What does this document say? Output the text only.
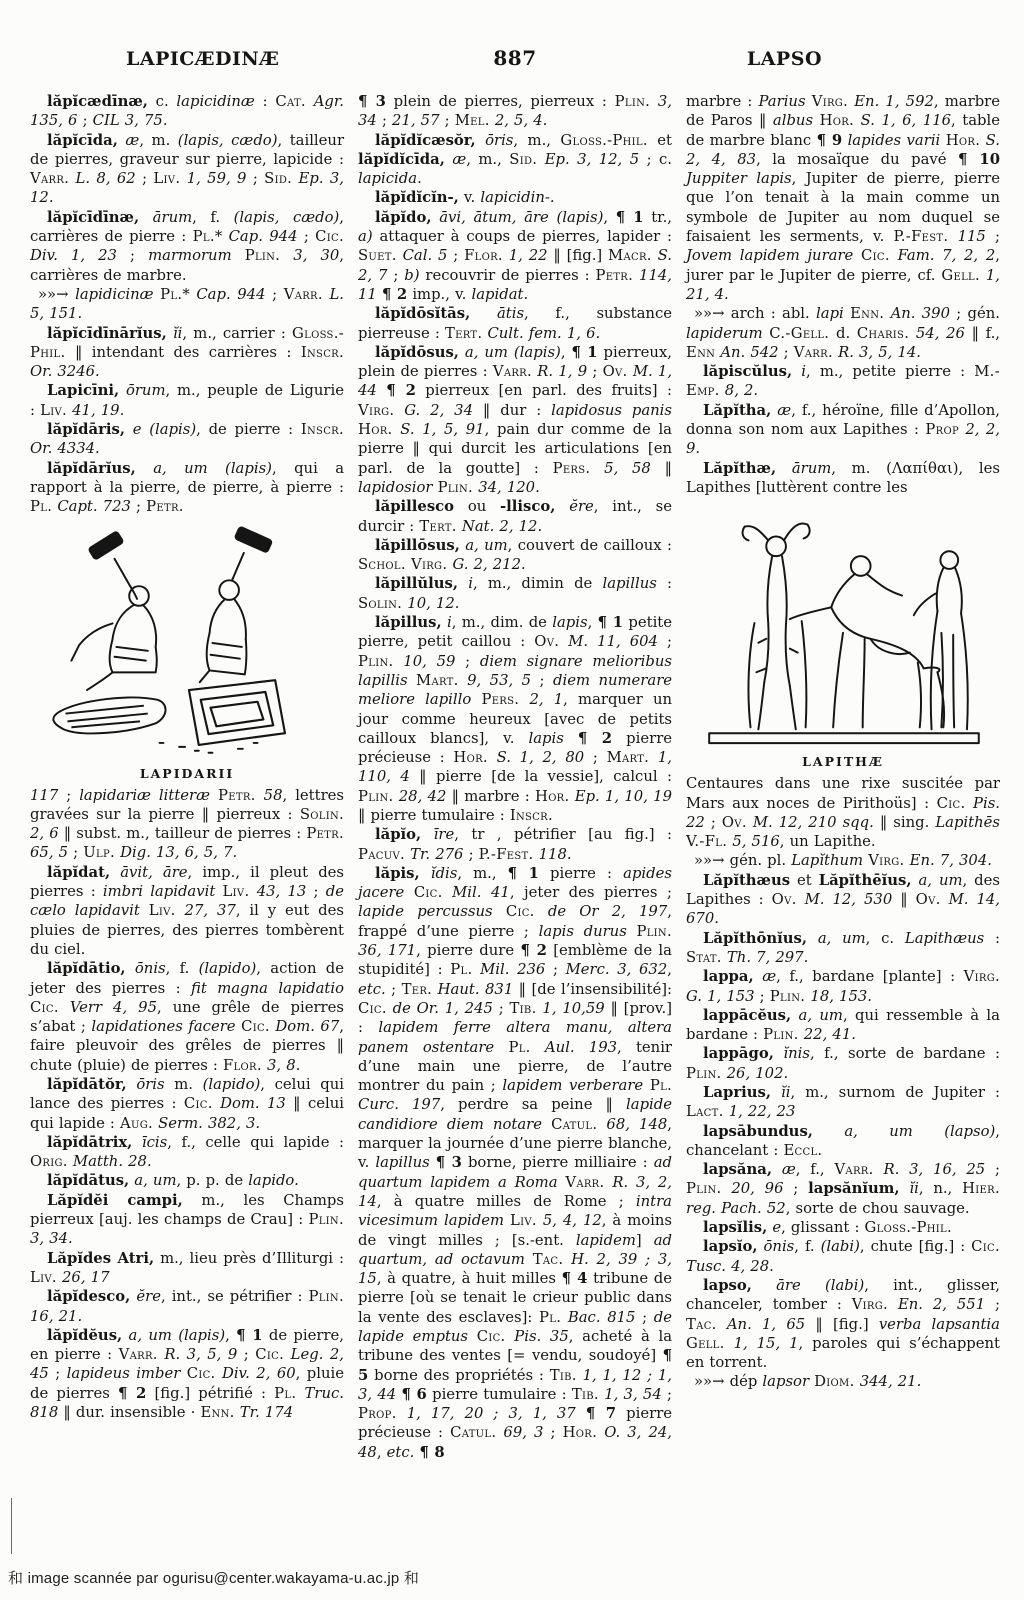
LAPICÆDINÆ	887	LAPSO

lăpĭcædīnæ, c. lapicidinæ : Cat. Agr. 135, 6 ; CIL 3, 75.

lăpĭcīda, æ, m. (lapis, cædo), tailleur de pierres, graveur sur pierre, lapicide : Varr. L. 8, 62 ; Liv. 1, 59, 9 ; Sid. Ep. 3, 12.

lăpĭcīdīnæ, ārum, f. (lapis, cædo), carrières de pierre : Pl.* Cap. 944 ; Cic. Div. 1, 23 ; marmorum Plin. 3, 30, carrières de marbre.

»»→ lapidicinæ Pl.* Cap. 944 ; Varr. L. 5, 151.

lăpĭcīdīnārĭus, ĭi, m., carrier : Gloss.-Phil. ‖ intendant des carrières : Inscr. Or. 3246.

Lapicīni, ōrum, m., peuple de Ligurie : Liv. 41, 19.

lăpĭdāris, e (lapis), de pierre : Inscr. Or. 4334.

lăpĭdārĭus, a, um (lapis), qui a rapport à la pierre, de pierre, à pierre : Pl. Capt. 723 ; Petr.

LAPIDARII

117 ; lapidariæ litteræ Petr. 58, lettres gravées sur la pierre ‖ pierreux : Solin. 2, 6 ‖ subst. m., tailleur de pierres : Petr. 65, 5 ; Ulp. Dig. 13, 6, 5, 7.

lăpĭdat, āvit, āre, imp., il pleut des pierres : imbri lapidavit Liv. 43, 13 ; de cælo lapidavit Liv. 27, 37, il y eut des pluies de pierres, des pierres tombèrent du ciel.

lăpĭdātio, ōnis, f. (lapido), action de jeter des pierres : fit magna lapidatio Cic. Verr 4, 95, une grêle de pierres s’abat ; lapidationes facere Cic. Dom. 67, faire pleuvoir des grêles de pierres ‖ chute (pluie) de pierres : Flor. 3, 8.

lăpĭdātŏr, ōris m. (lapido), celui qui lance des pierres : Cic. Dom. 13 ‖ celui qui lapide : Aug. Serm. 382, 3.

lăpĭdātrix, īcis, f., celle qui lapide : Orig. Matth. 28.

lăpĭdātus, a, um, p. p. de lapido.

Lăpĭdĕi campi, m., les Champs pierreux [auj. les champs de Crau] : Plin. 3, 34.

Lăpĭdes Atri, m., lieu près d’Illiturgi : Liv. 26, 17

lăpĭdesco, ĕre, int., se pétrifier : Plin. 16, 21.

lăpĭdĕus, a, um (lapis), ¶ 1 de pierre, en pierre : Varr. R. 3, 5, 9 ; Cic. Leg. 2, 45 ; lapideus imber Cic. Div. 2, 60, pluie de pierres ¶ 2 [fig.] pétrifié : Pl. Truc. 818 ‖ dur. insensible · Enn. Tr. 174

¶ 3 plein de pierres, pierreux : Plin. 3, 34 ; 21, 57 ; Mel. 2, 5, 4.

lăpĭdĭcæsŏr, ōris, m., Gloss.-Phil. et lăpĭdĭcīda, æ, m., Sid. Ep. 3, 12, 5 ; c. lapicida.

lăpĭdĭcĭn-, v. lapicidin-.

lăpĭdo, āvi, ātum, āre (lapis), ¶ 1 tr., a) attaquer à coups de pierres, lapider : Suet. Cal. 5 ; Flor. 1, 22 ‖ [fig.] Macr. S. 2, 7 ; b) recouvrir de pierres : Petr. 114, 11 ¶ 2 imp., v. lapidat.

lăpĭdōsĭtās, ātis, f., substance pierreuse : Tert. Cult. fem. 1, 6.

lăpĭdōsus, a, um (lapis), ¶ 1 pierreux, plein de pierres : Varr. R. 1, 9 ; Ov. M. 1, 44 ¶ 2 pierreux [en parl. des fruits] : Virg. G. 2, 34 ‖ dur : lapidosus panis Hor. S. 1, 5, 91, pain dur comme de la pierre ‖ qui durcit les articulations [en parl. de la goutte] : Pers. 5, 58 ‖ lapidosior Plin. 34, 120.

lăpillesco ou -llisco, ĕre, int., se durcir : Tert. Nat. 2, 12.

lăpillōsus, a, um, couvert de cailloux : Schol. Virg. G. 2, 212.

lăpillŭlus, i, m., dimin de lapillus : Solin. 10, 12.

lăpillus, i, m., dim. de lapis, ¶ 1 petite pierre, petit caillou : Ov. M. 11, 604 ; Plin. 10, 59 ; diem signare melioribus lapillis Mart. 9, 53, 5 ; diem numerare meliore lapillo Pers. 2, 1, marquer un jour comme heureux [avec de petits cailloux blancs], v. lapis ¶ 2 pierre précieuse : Hor. S. 1, 2, 80 ; Mart. 1, 110, 4 ‖ pierre [de la vessie], calcul : Plin. 28, 42 ‖ marbre : Hor. Ep. 1, 10, 19 ‖ pierre tumulaire : Inscr.

lăpĭo, īre, tr , pétrifier [au fig.] : Pacuv. Tr. 276 ; P.-Fest. 118.

lăpis, ĭdis, m., ¶ 1 pierre : apides jacere Cic. Mil. 41, jeter des pierres ; lapide percussus Cic. de Or 2, 197, frappé d’une pierre ; lapis durus Plin. 36, 171, pierre dure ¶ 2 [emblème de la stupidité] : Pl. Mil. 236 ; Merc. 3, 632, etc. ; Ter. Haut. 831 ‖ [de l’insensibilité]: Cic. de Or. 1, 245 ; Tib. 1, 10,59 ‖ [prov.] : lapidem ferre altera manu, altera panem ostentare Pl. Aul. 193, tenir d’une main une pierre, de l’autre montrer du pain ; lapidem verberare Pl. Curc. 197, perdre sa peine ‖ lapide candidiore diem notare Catul. 68, 148, marquer la journée d’une pierre blanche, v. lapillus ¶ 3 borne, pierre milliaire : ad quartum lapidem a Roma Varr. R. 3, 2, 14, à quatre milles de Rome ; intra vicesimum lapidem Liv. 5, 4, 12, à moins de vingt milles ; [s.-ent. lapidem] ad quartum, ad octavum Tac. H. 2, 39 ; 3, 15, à quatre, à huit milles ¶ 4 tribune de pierre [où se tenait le crieur public dans la vente des esclaves]: Pl. Bac. 815 ; de lapide emptus Cic. Pis. 35, acheté à la tribune des ventes [= vendu, soudoyé] ¶ 5 borne des propriétés : Tib. 1, 1, 12 ; 1, 3, 44 ¶ 6 pierre tumulaire : Tib. 1, 3, 54 ; Prop. 1, 17, 20 ; 3, 1, 37 ¶ 7 pierre précieuse : Catul. 69, 3 ; Hor. O. 3, 24, 48, etc. ¶ 8

marbre : Parius Virg. En. 1, 592, marbre de Paros ‖ albus Hor. S. 1, 6, 116, table de marbre blanc ¶ 9 lapides varii Hor. S. 2, 4, 83, la mosaïque du pavé ¶ 10 Juppiter lapis, Jupiter de pierre, pierre que l’on tenait à la main comme un symbole de Jupiter au nom duquel se faisaient les serments, v. P.-Fest. 115 ; Jovem lapidem jurare Cic. Fam. 7, 2, 2, jurer par le Jupiter de pierre, cf. Gell. 1, 21, 4.

»»→ arch : abl. lapi Enn. An. 390 ; gén. lapiderum C.-Gell. d. Charis. 54, 26 ‖ f., Enn An. 542 ; Varr. R. 3, 5, 14.

lăpiscŭlus, i, m., petite pierre : M.-Emp. 8, 2.

Lăpĭtha, æ, f., héroïne, fille d’Apollon, donna son nom aux Lapithes : Prop 2, 2, 9.

Lăpĭthæ, ārum, m. (Λαπίθαι), les Lapithes [luttèrent contre les

LAPITHÆ

Centaures dans une rixe suscitée par Mars aux noces de Pirithoüs] : Cic. Pis. 22 ; Ov. M. 12, 210 sqq. ‖ sing. Lapithēs V.-Fl. 5, 516, un Lapithe.

»»→ gén. pl. Lapĭthum Virg. En. 7, 304.

Lăpĭthæus et Lăpĭthēĭus, a, um, des Lapithes : Ov. M. 12, 530 ‖ Ov. M. 14, 670.

Lăpĭthōnĭus, a, um, c. Lapithæus : Stat. Th. 7, 297.

lappa, æ, f., bardane [plante] : Virg. G. 1, 153 ; Plin. 18, 153.

lappācĕus, a, um, qui ressemble à la bardane : Plin. 22, 41.

lappāgo, ĭnis, f., sorte de bardane : Plin. 26, 102.

Laprius, ĭi, m., surnom de Jupiter : Lact. 1, 22, 23

lapsābundus, a, um (lapso), chancelant : Eccl.

lapsăna, æ, f., Varr. R. 3, 16, 25 ; Plin. 20, 96 ; lapsănĭum, ĭi, n., Hier. reg. Pach. 52, sorte de chou sauvage.

lapsĭlis, e, glissant : Gloss.-Phil.

lapsĭo, ōnis, f. (labi), chute [fig.] : Cic. Tusc. 4, 28.

lapso, āre (labi), int., glisser, chanceler, tomber : Virg. En. 2, 551 ; Tac. An. 1, 65 ‖ [fig.] verba lapsantia Gell. 1, 15, 1, paroles qui s’échappent en torrent.

»»→ dép lapsor Diom. 344, 21.

和 image scannée par ogurisu@center.wakayama-u.ac.jp 和
